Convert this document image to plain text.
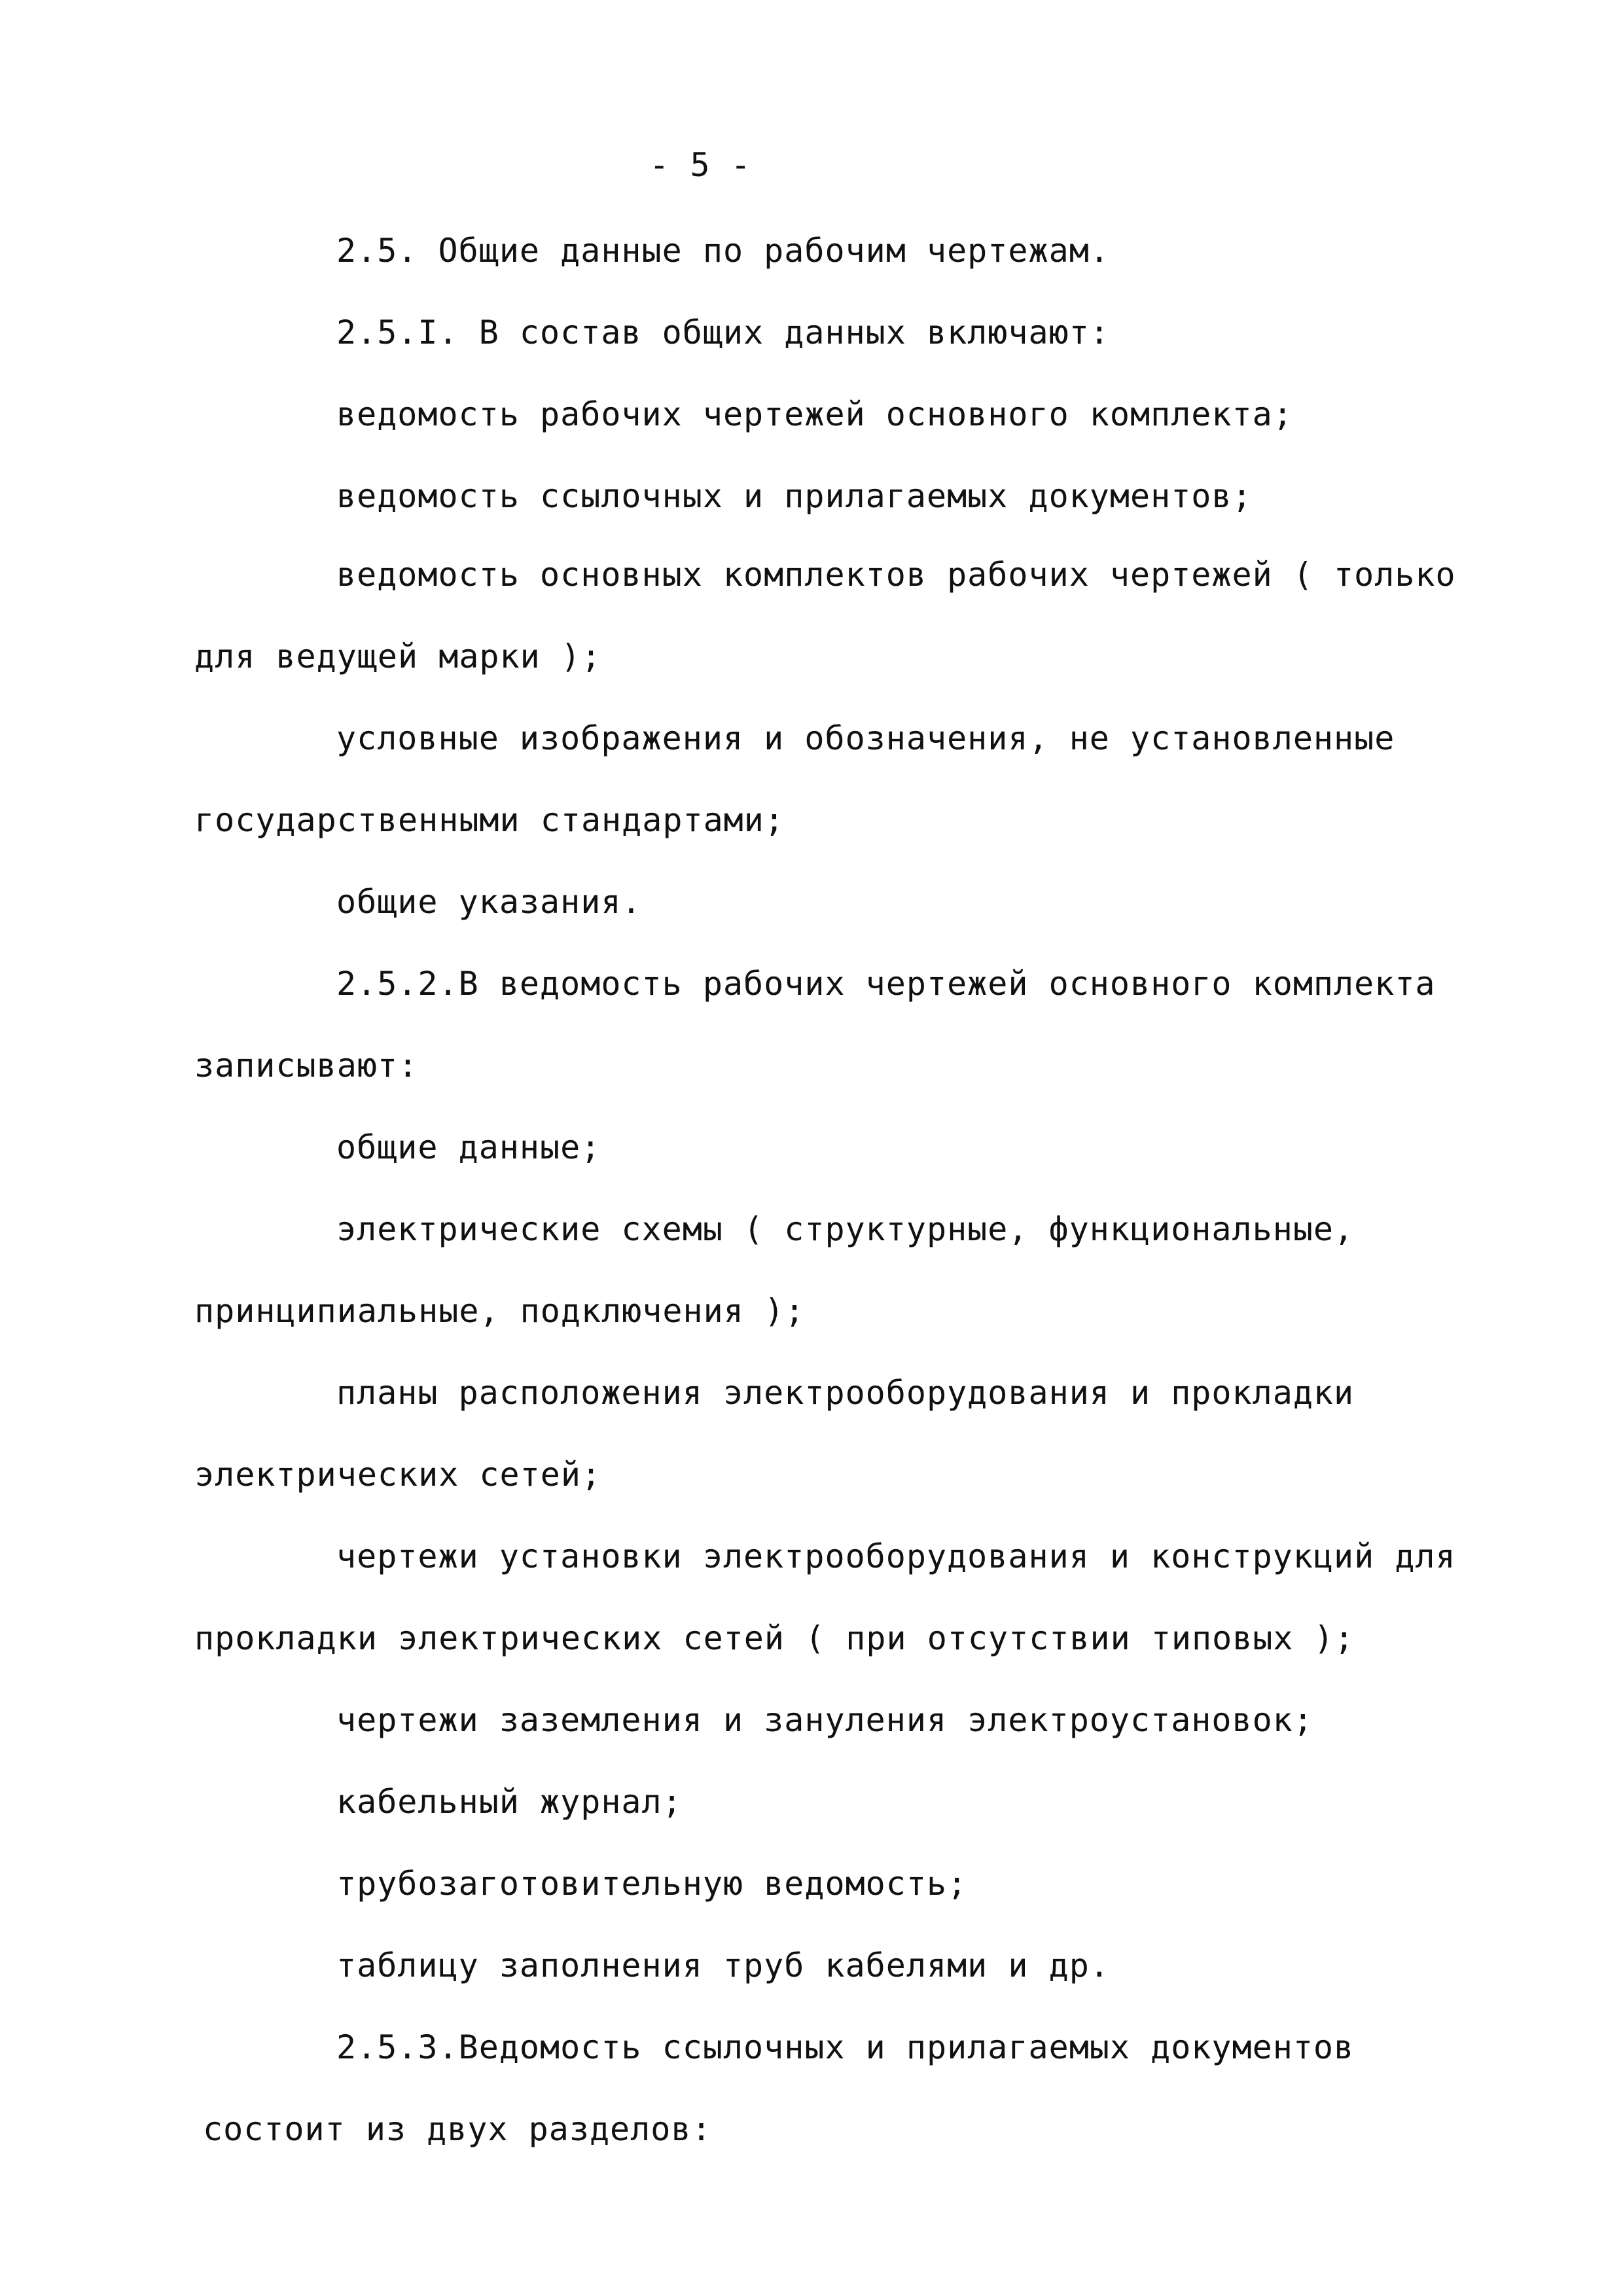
- 5 -
2.5. Общие данные по рабочим чертежам.
2.5.I. В состав общих данных включают:
ведомость рабочих чертежей основного комплекта;
ведомость ссылочных и прилагаемых документов;
ведомость основных комплектов рабочих чертежей ( только
для ведущей марки );
условные изображения и обозначения, не установленные
государственными стандартами;
общие указания.
2.5.2.В ведомость рабочих чертежей основного комплекта
записывают:
общие данные;
электрические схемы ( структурные, функциональные,
принципиальные, подключения );
планы расположения электрооборудования и прокладки
электрических сетей;
чертежи установки электрооборудования и конструкций для
прокладки электрических сетей ( при отсутствии типовых );
чертежи заземления и зануления электроустановок;
кабельный журнал;
трубозаготовительную ведомость;
таблицу заполнения труб кабелями и др.
2.5.3.Ведомость ссылочных и прилагаемых документов
состоит из двух разделов:
